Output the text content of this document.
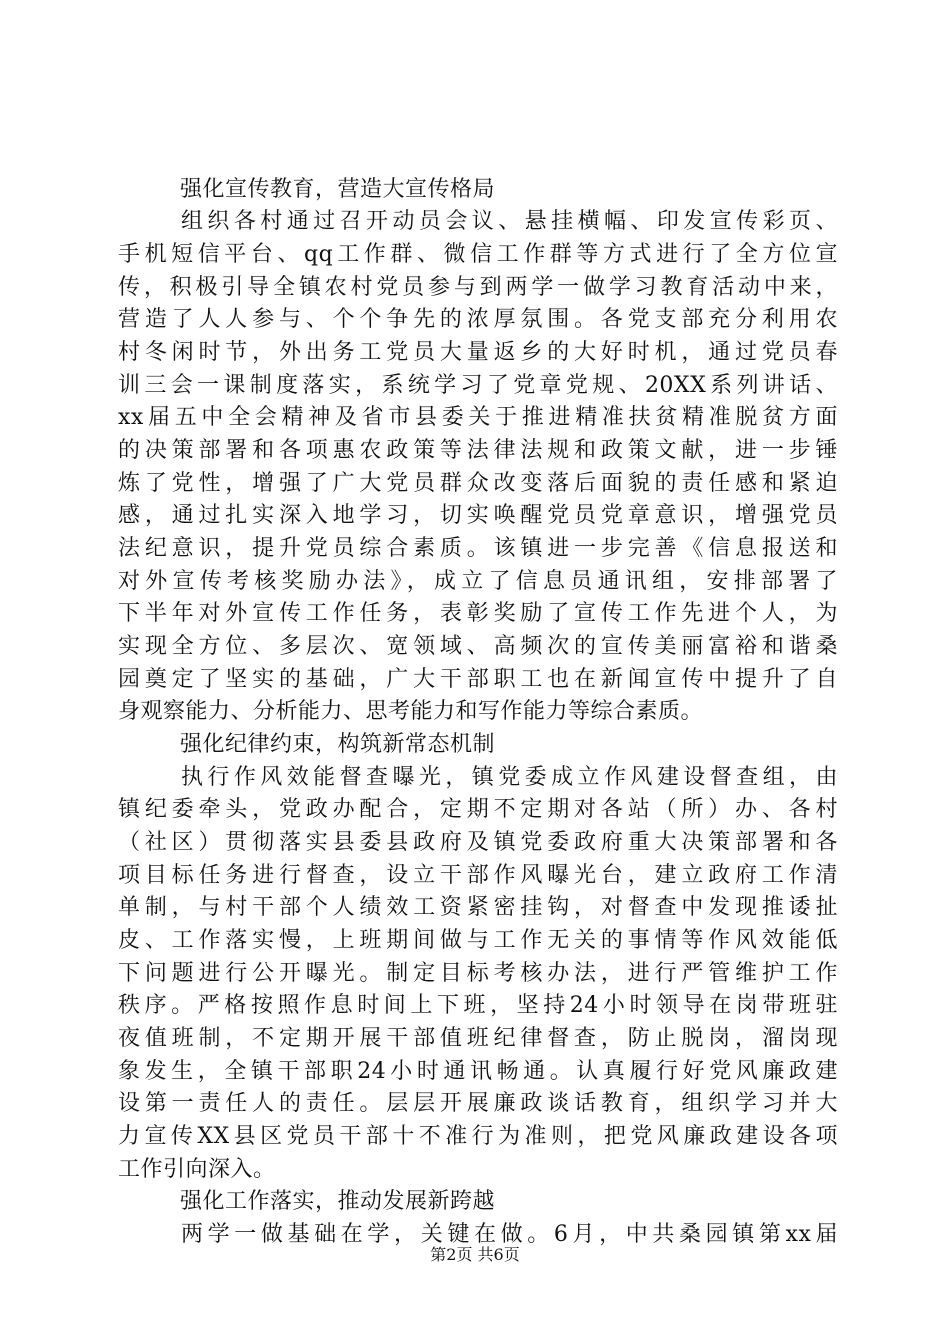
强化宣传教育，营造大宣传格局
组织各村通过召开动员会议、悬挂横幅、印发宣传彩页、
手机短信平台、qq工作群、微信工作群等方式进行了全方位宣
传，积极引导全镇农村党员参与到两学一做学习教育活动中来，
营造了人人参与、个个争先的浓厚氛围。各党支部充分利用农
村冬闲时节，外出务工党员大量返乡的大好时机，通过党员春
训三会一课制度落实，系统学习了党章党规、20XX系列讲话、
xx届五中全会精神及省市县委关于推进精准扶贫精准脱贫方面
的决策部署和各项惠农政策等法律法规和政策文献，进一步锤
炼了党性，增强了广大党员群众改变落后面貌的责任感和紧迫
感，通过扎实深入地学习，切实唤醒党员党章意识，增强党员
法纪意识，提升党员综合素质。该镇进一步完善《信息报送和
对外宣传考核奖励办法》，成立了信息员通讯组，安排部署了
下半年对外宣传工作任务，表彰奖励了宣传工作先进个人，为
实现全方位、多层次、宽领域、高频次的宣传美丽富裕和谐桑
园奠定了坚实的基础，广大干部职工也在新闻宣传中提升了自
身观察能力、分析能力、思考能力和写作能力等综合素质。
强化纪律约束，构筑新常态机制
执行作风效能督查曝光，镇党委成立作风建设督查组，由
镇纪委牵头，党政办配合，定期不定期对各站（所）办、各村
（社区）贯彻落实县委县政府及镇党委政府重大决策部署和各
项目标任务进行督查，设立干部作风曝光台，建立政府工作清
单制，与村干部个人绩效工资紧密挂钩，对督查中发现推诿扯
皮、工作落实慢，上班期间做与工作无关的事情等作风效能低
下问题进行公开曝光。制定目标考核办法，进行严管维护工作
秩序。严格按照作息时间上下班，坚持24小时领导在岗带班驻
夜值班制，不定期开展干部值班纪律督查，防止脱岗，溜岗现
象发生，全镇干部职24小时通讯畅通。认真履行好党风廉政建
设第一责任人的责任。层层开展廉政谈话教育，组织学习并大
力宣传XX县区党员干部十不准行为准则，把党风廉政建设各项
工作引向深入。
强化工作落实，推动发展新跨越
两学一做基础在学，关键在做。6月，中共桑园镇第xx届
第2页 共6页
